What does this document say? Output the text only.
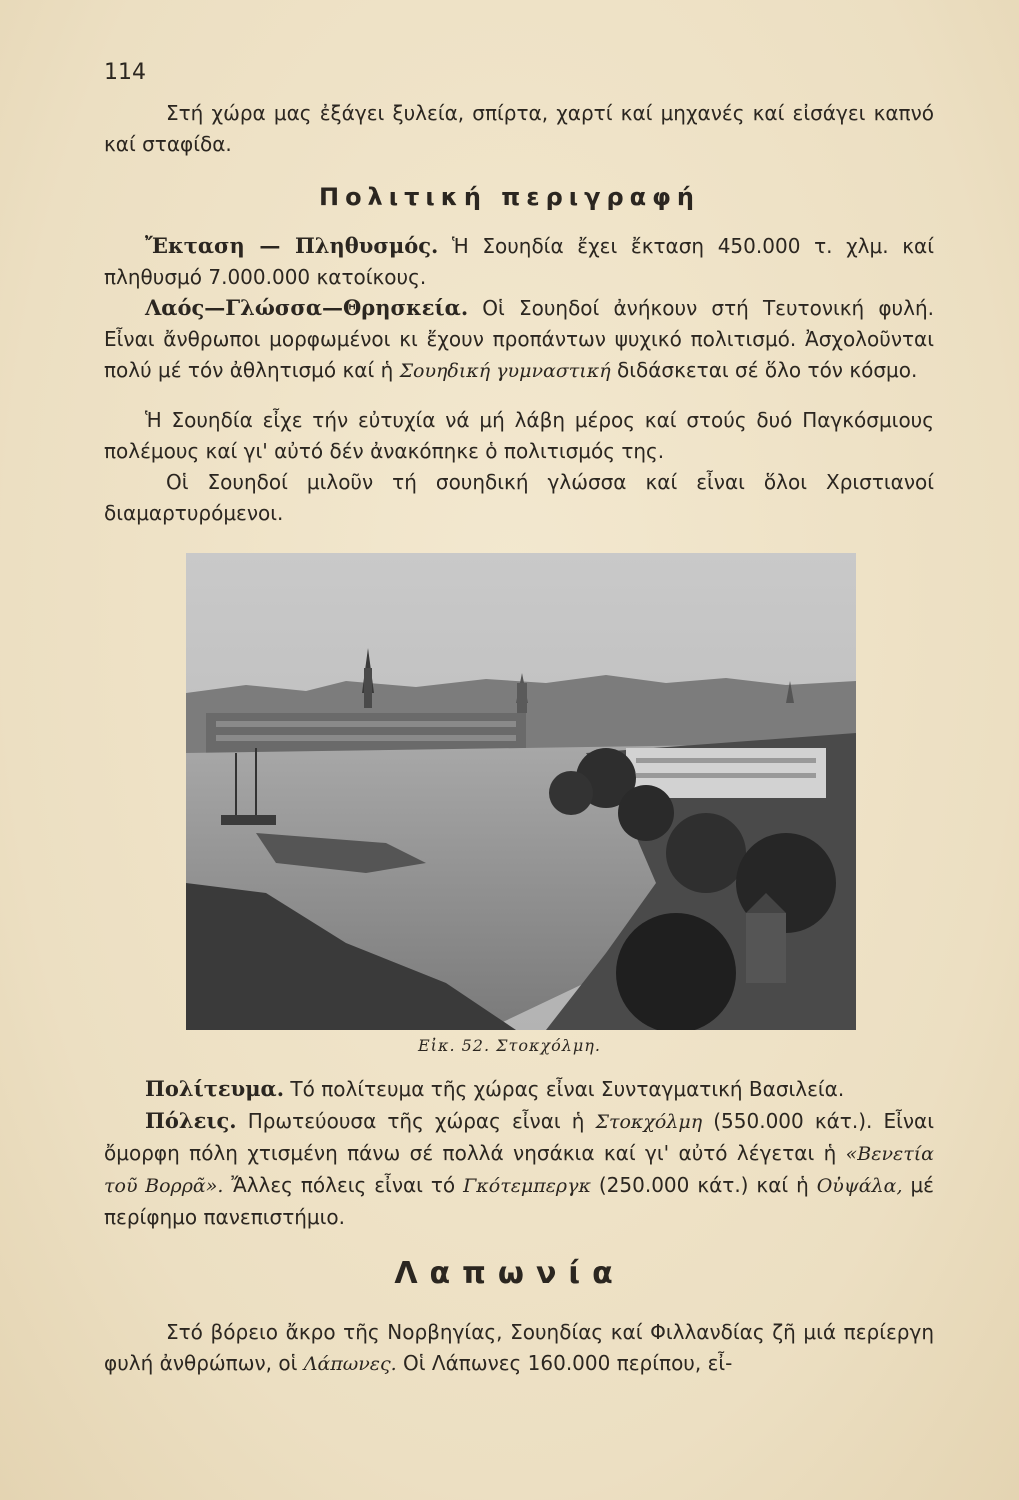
114

Στή χώρα μας ἐξάγει ξυλεία, σπίρτα, χαρτί καί μηχανές καί εἰσάγει καπνό καί σταφίδα.

Πολιτική περιγραφή

Ἔκταση — Πληθυσμός. Ἡ Σουηδία ἔχει ἔκταση 450.000 τ. χλμ. καί πληθυσμό 7.000.000 κατοίκους.

Λαός—Γλώσσα—Θρησκεία. Οἱ Σουηδοί ἀνήκουν στή Τευτονική φυλή. Εἶναι ἄνθρωποι μορφωμένοι κι ἔχουν προπάντων ψυχικό πολιτισμό. Ἀσχολοῦνται πολύ μέ τόν ἀθλητισμό καί ἡ Σουηδική γυμναστική διδάσκεται σέ ὅλο τόν κόσμο.

Ἡ Σουηδία εἶχε τήν εὐτυχία νά μή λάβη μέρος καί στούς δυό Παγκόσμιους πολέμους καί γι' αὐτό δέν ἀνακόπηκε ὁ πολιτισμός της.

Οἱ Σουηδοί μιλοῦν τή σουηδική γλώσσα καί εἶναι ὅλοι Χριστιανοί διαμαρτυρόμενοι.

Εἰκ. 52. Στοκχόλμη.

Πολίτευμα. Τό πολίτευμα τῆς χώρας εἶναι Συνταγματική Βασιλεία.

Πόλεις. Πρωτεύουσα τῆς χώρας εἶναι ἡ Στοκχόλμη (550.000 κάτ.). Εἶναι ὄμορφη πόλη χτισμένη πάνω σέ πολλά νησάκια καί γι' αὐτό λέγεται ἡ «Βενετία τοῦ Βορρᾶ». Ἄλλες πόλεις εἶναι τό Γκότεμπεργκ (250.000 κάτ.) καί ἡ Οὐψάλα, μέ περίφημο πανεπιστήμιο.

Λαπωνία

Στό βόρειο ἄκρο τῆς Νορβηγίας, Σουηδίας καί Φιλλανδίας ζῆ μιά περίεργη φυλή ἀνθρώπων, οἱ Λάπωνες. Οἱ Λάπωνες 160.000 περίπου, εἶ-
